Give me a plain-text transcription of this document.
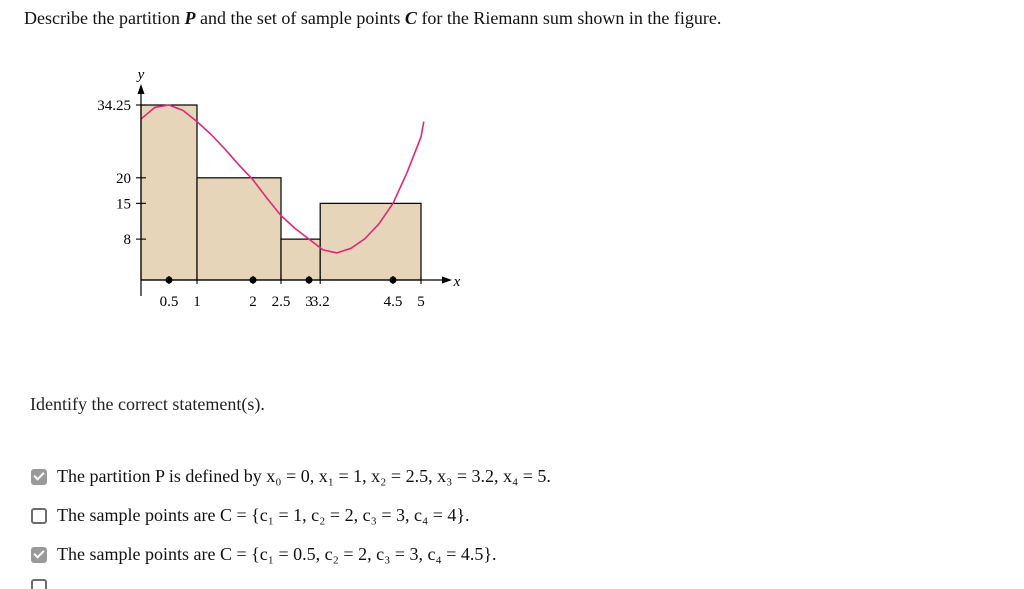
Describe the partition P and the set of sample points C for the Riemann sum shown in the figure.
y
x
8
15
20
34.25
0.5 1	2 2.5 3
3.2	4.5 5
Identify the correct statement(s).
The partition P is defined by x₀ = 0, x₁ = 1, x₂ = 2.5, x₃ = 3.2, x₄ = 5.
The sample points are C = {c₁ = 1, c₂ = 2, c₃ = 3, c₄ = 4}.
The sample points are C = {c₁ = 0.5, c₂ = 2, c₃ = 3, c₄ = 4.5}.
